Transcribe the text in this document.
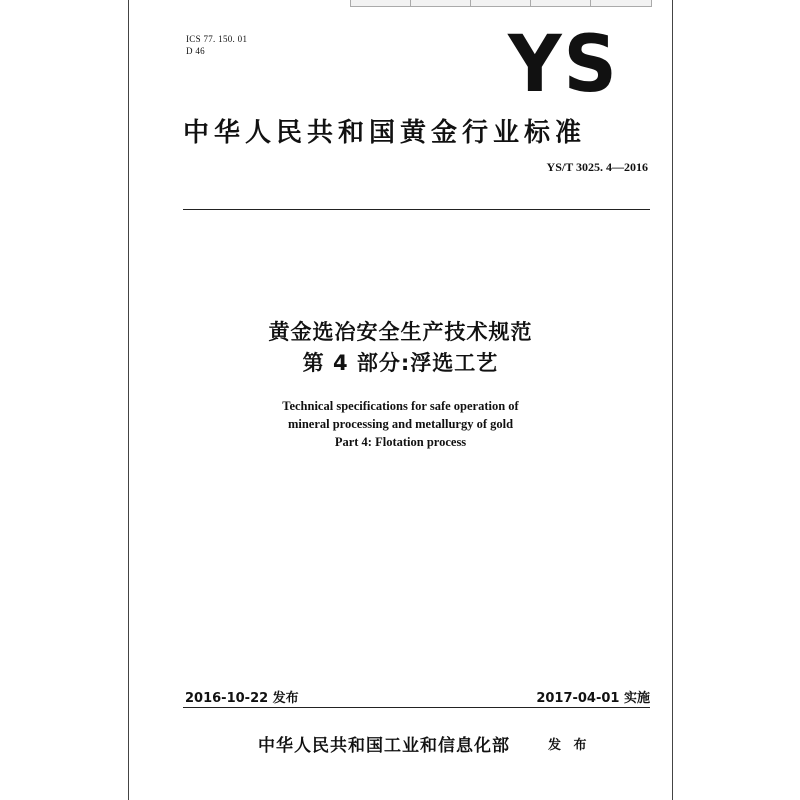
ICS 77. 150. 01
D 46	YS
中华人民共和国黄金行业标准
YS/T 3025. 4—2016
黄金选冶安全生产技术规范
第 4 部分:浮选工艺
Technical specifications for safe operation of
mineral processing and metallurgy of gold
Part 4: Flotation process
2016-10-22 发布	2017-04-01 实施
中华人民共和国工业和信息化部	发 布
